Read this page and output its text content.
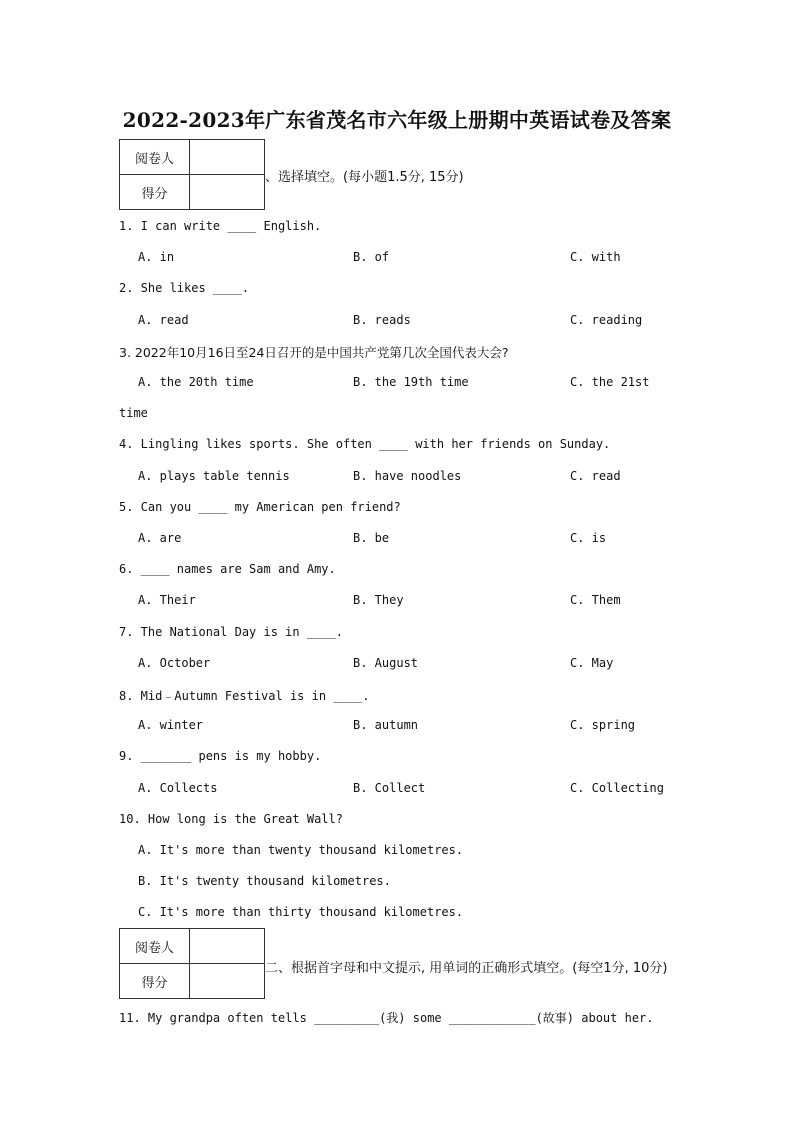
2022-2023年广东省茂名市六年级上册期中英语试卷及答案
阅卷人	
得分	
、选择填空。(每小题1.5分, 15分)
1. I can write ____ English.
A. in	B. of	C. with
2. She likes ____.
A. read	B. reads	C. reading
3. 2022年10月16日至24日召开的是中国共产党第几次全国代表大会?
A. the 20th time	B. the 19th time	C. the 21st
time
4. Lingling likes sports. She often ____ with her friends on Sunday.
A. plays table tennis	B. have noodles	C. read
5. Can you ____ my American pen friend?
A. are	B. be	C. is
6. ____ names are Sam and Amy.
A. Their	B. They	C. Them
7. The National Day is in ____.
A. October	B. August	C. May
8. Mid﹣Autumn Festival is in ____.
A. winter	B. autumn	C. spring
9. _______ pens is my hobby.
A. Collects	B. Collect	C. Collecting
10. How long is the Great Wall?
A. It's more than twenty thousand kilometres.
B. It's twenty thousand kilometres.
C. It's more than thirty thousand kilometres.
阅卷人	
得分	
二、根据首字母和中文提示, 用单词的正确形式填空。(每空1分, 10分)
11. My grandpa often tells _________(我) some ____________(故事) about her.
